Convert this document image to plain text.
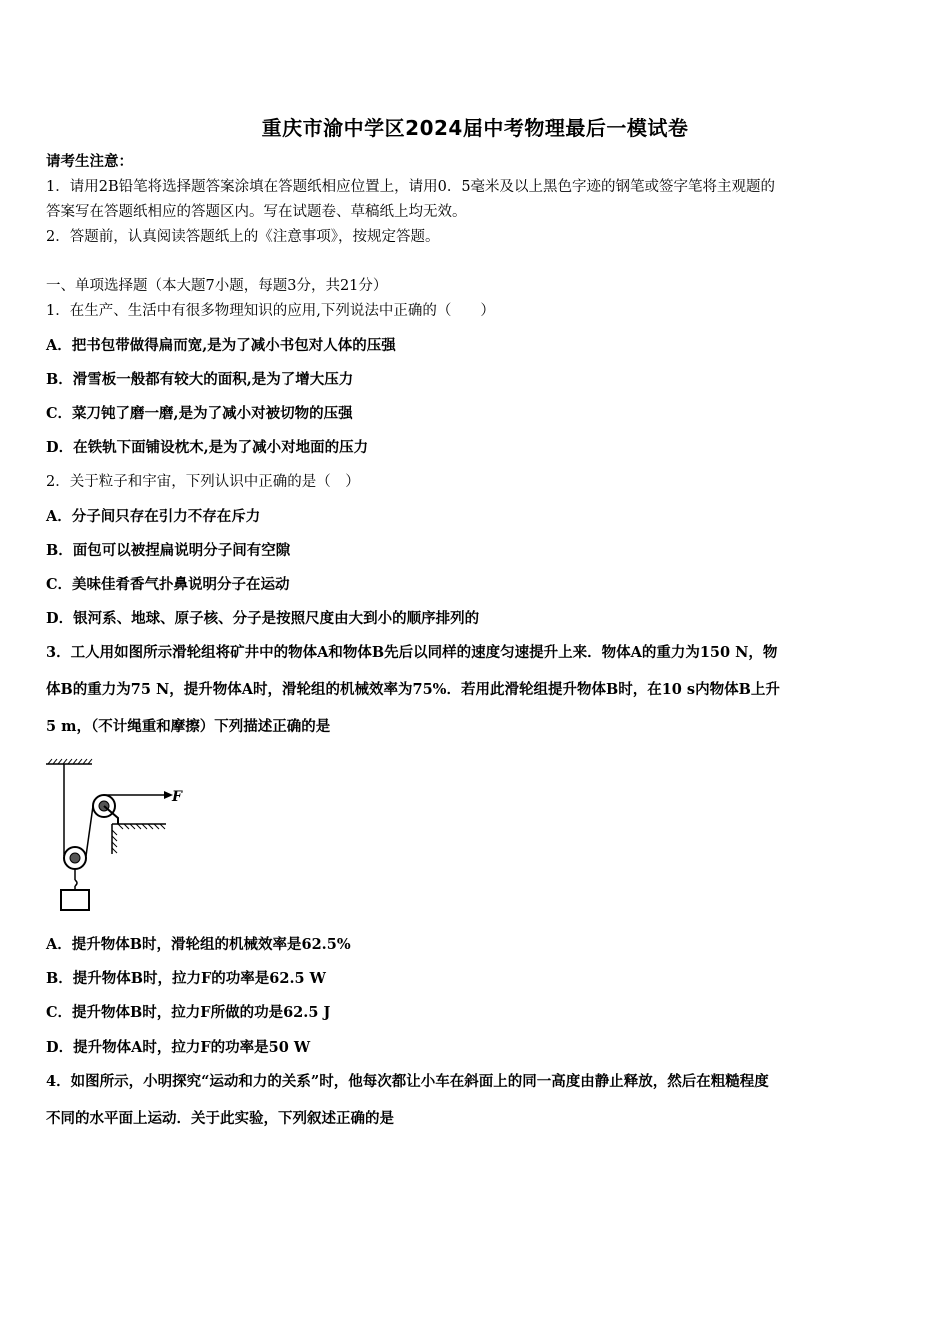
重庆市渝中学区2024届中考物理最后一模试卷
请考生注意：
1．请用2B铅笔将选择题答案涂填在答题纸相应位置上，请用0．5毫米及以上黑色字迹的钢笔或签字笔将主观题的
答案写在答题纸相应的答题区内。写在试题卷、草稿纸上均无效。
2．答题前，认真阅读答题纸上的《注意事项》，按规定答题。
一、单项选择题（本大题7小题，每题3分，共21分）
1．在生产、生活中有很多物理知识的应用,下列说法中正确的（　　）
A．把书包带做得扁而宽,是为了减小书包对人体的压强
B．滑雪板一般都有较大的面积,是为了增大压力
C．菜刀钝了磨一磨,是为了减小对被切物的压强
D．在铁轨下面铺设枕木,是为了减小对地面的压力
2．关于粒子和宇宙，下列认识中正确的是（　）
A．分子间只存在引力不存在斥力
B．面包可以被捏扁说明分子间有空隙
C．美味佳肴香气扑鼻说明分子在运动
D．银河系、地球、原子核、分子是按照尺度由大到小的顺序排列的
3．工人用如图所示滑轮组将矿井中的物体A和物体B先后以同样的速度匀速提升上来．物体A的重力为150 N，物
体B的重力为75 N，提升物体A时，滑轮组的机械效率为75%．若用此滑轮组提升物体B时，在10 s内物体B上升
5 m，（不计绳重和摩擦）下列描述正确的是
F
A．提升物体B时，滑轮组的机械效率是62.5%
B．提升物体B时，拉力F的功率是62.5 W
C．提升物体B时，拉力F所做的功是62.5 J
D．提升物体A时，拉力F的功率是50 W
4．如图所示，小明探究“运动和力的关系”时，他每次都让小车在斜面上的同一高度由静止释放，然后在粗糙程度
不同的水平面上运动．关于此实验，下列叙述正确的是
